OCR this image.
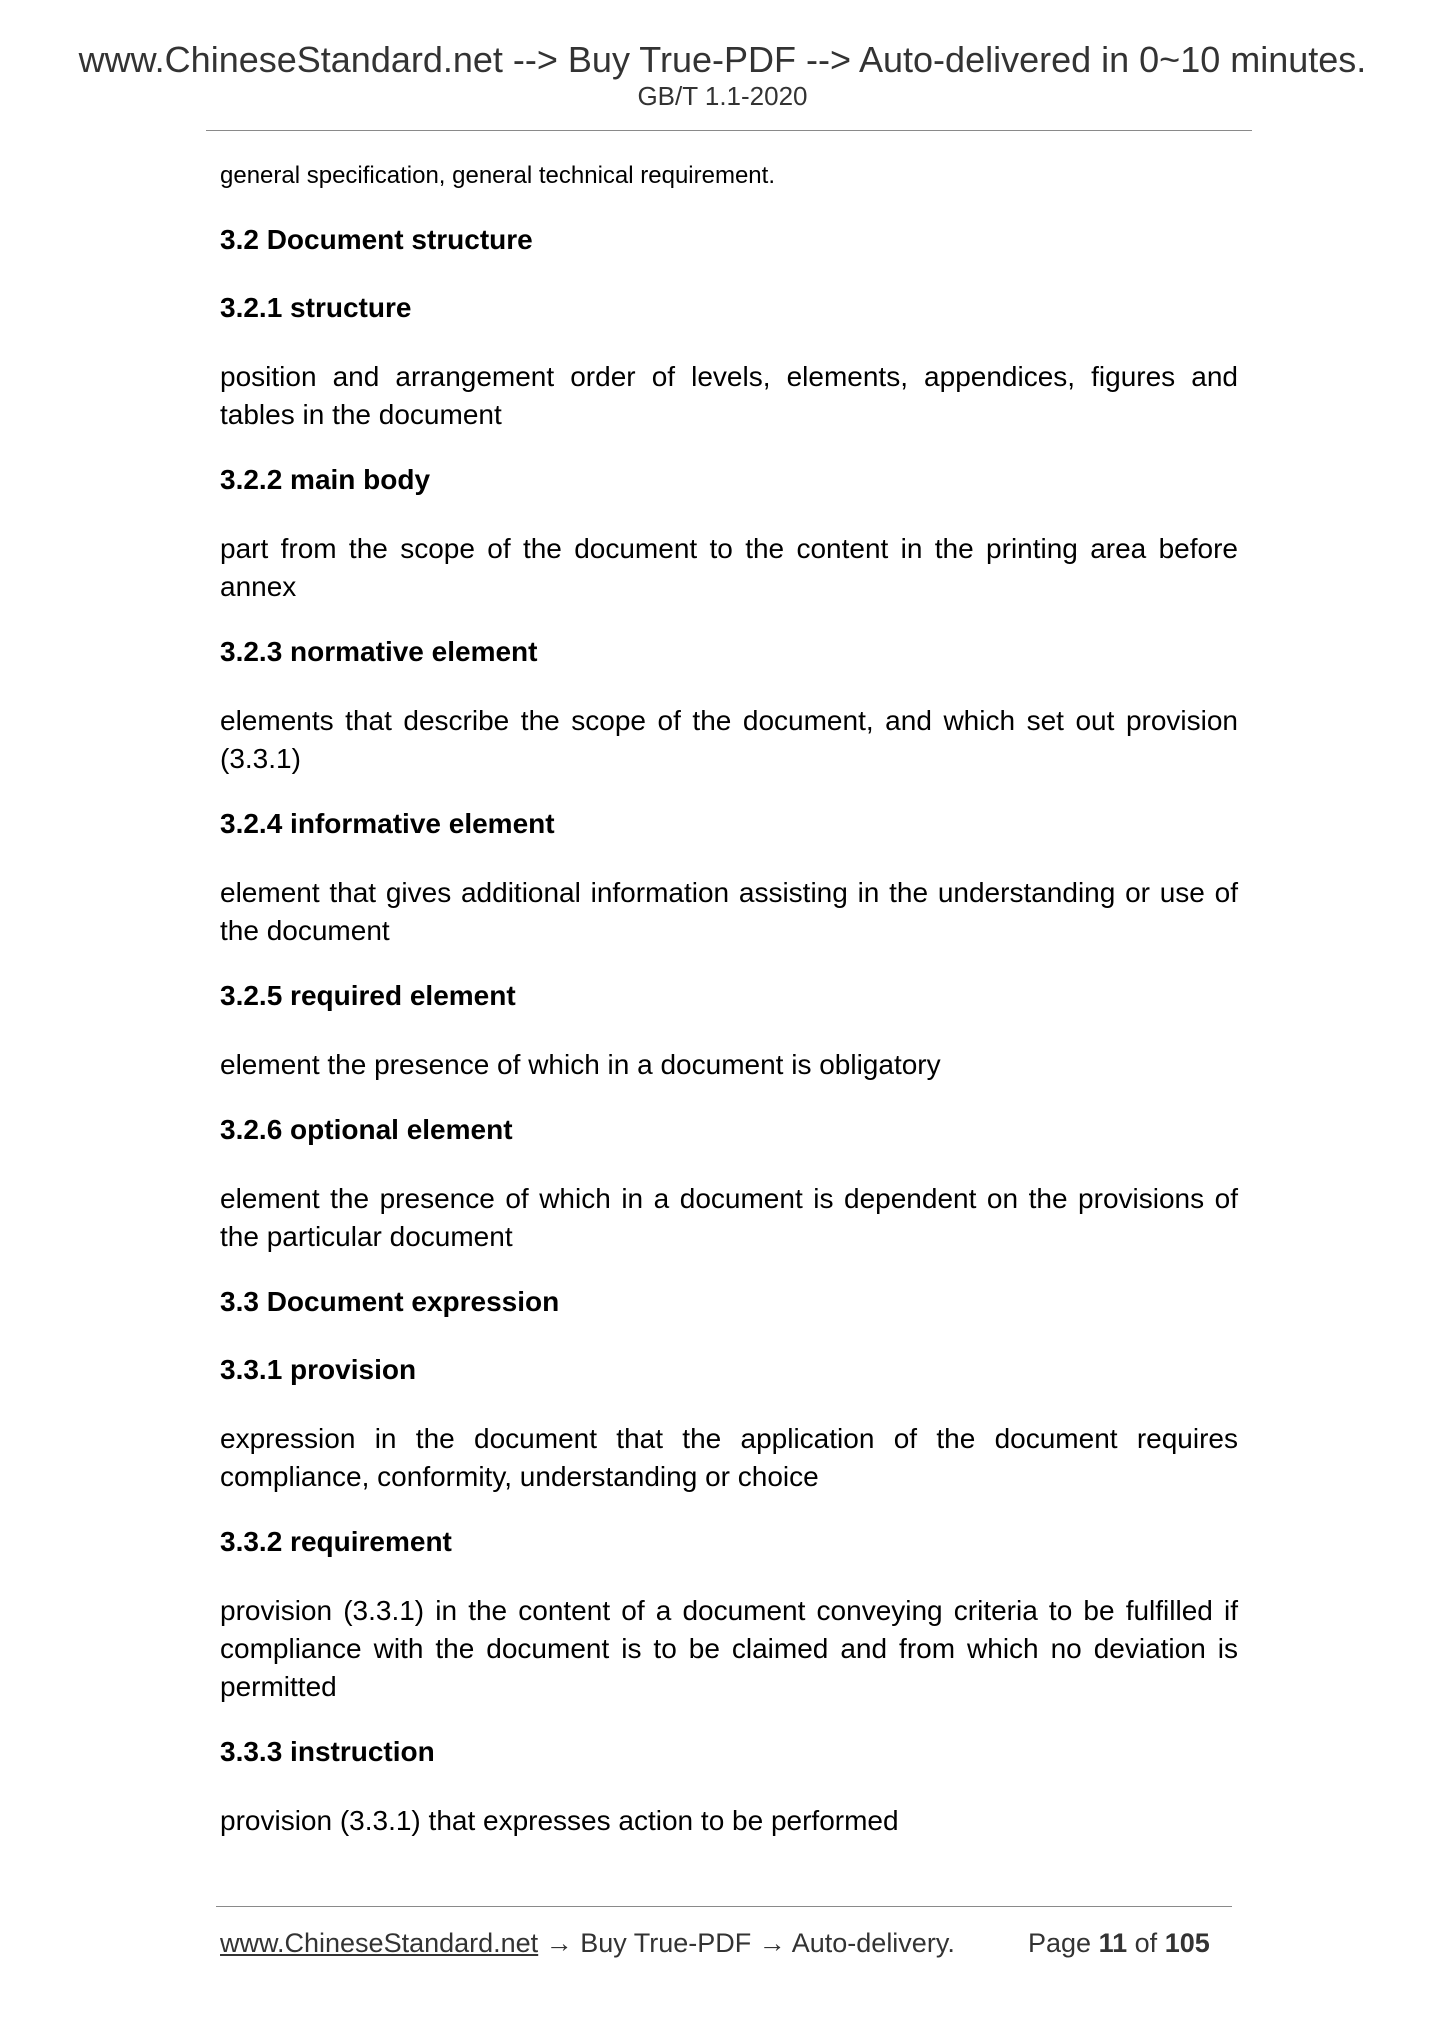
www.ChineseStandard.net --> Buy True-PDF --> Auto-delivered in 0~10 minutes.
GB/T 1.1-2020

general specification, general technical requirement.

3.2 Document structure

3.2.1 structure

position and arrangement order of levels, elements, appendices, figures and tables in the document

3.2.2 main body

part from the scope of the document to the content in the printing area before annex

3.2.3 normative element

elements that describe the scope of the document, and which set out provision (3.3.1)

3.2.4 informative element

element that gives additional information assisting in the understanding or use of the document

3.2.5 required element

element the presence of which in a document is obligatory

3.2.6 optional element

element the presence of which in a document is dependent on the provisions of the particular document

3.3 Document expression

3.3.1 provision

expression in the document that the application of the document requires compliance, conformity, understanding or choice

3.3.2 requirement

provision (3.3.1) in the content of a document conveying criteria to be fulfilled if compliance with the document is to be claimed and from which no deviation is permitted

3.3.3 instruction

provision (3.3.1) that expresses action to be performed

www.ChineseStandard.net → Buy True-PDF → Auto-delivery.	Page 11 of 105
